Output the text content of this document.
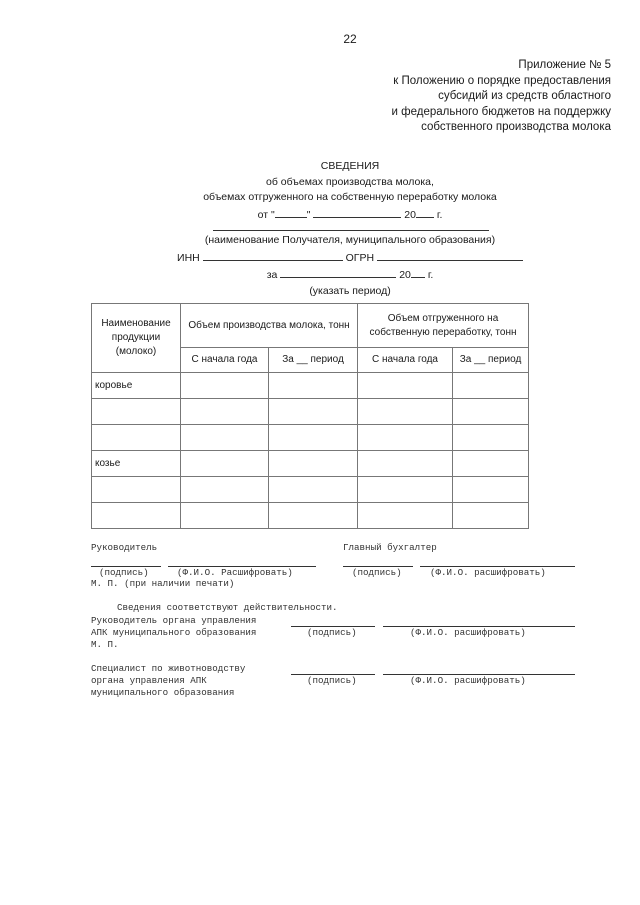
22
Приложение № 5
к Положению о порядке предоставления
субсидий из средств областного
и федерального бюджетов на поддержку
собственного производства молока
СВЕДЕНИЯ
об объемах производства молока,
объемах отгруженного на собственную переработку молока
от "	"	20 г.
(наименование Получателя, муниципального образования)
ИНН	ОГРН
за	20 г.
(указать период)
Наименование продукции (молоко)	Объем производства молока, тонн		Объем отгруженного на собственную переработку, тонн	
	С начала года	За __ период	С начала года	За __ период
коровье				

козье				

Руководитель	Главный бухгалтер
(подпись)	(Ф.И.О. Расшифровать)	(подпись)	(Ф.И.О. расшифровать)
М. П. (при наличии печати)
Сведения соответствуют действительности.
Руководитель органа управления
АПК муниципального образования
М. П.
(подпись)	(Ф.И.О. расшифровать)
Специалист по животноводству
органа управления АПК
муниципального образования
(подпись)	(Ф.И.О. расшифровать)
